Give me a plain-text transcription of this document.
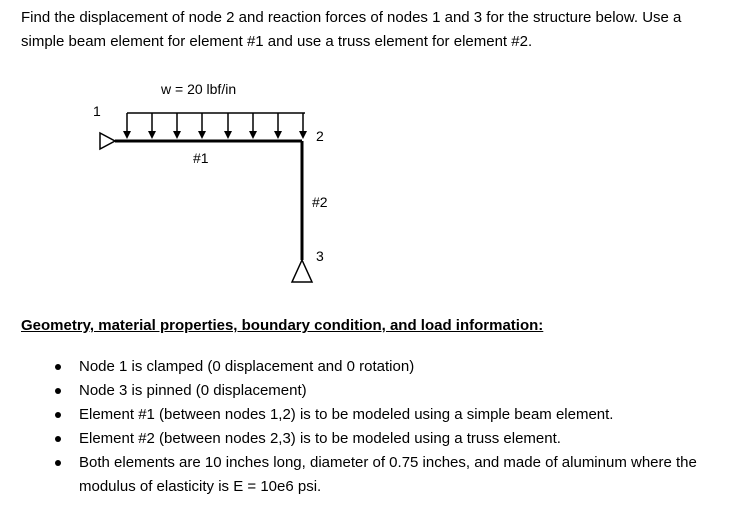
Find the displacement of node 2 and reaction forces of nodes 1 and 3 for the structure below. Use a simple beam element for element #1 and use a truss element for element #2.

w = 20 lbf/in
1
#1
#2
2
3
Geometry, material properties, boundary condition, and load information:
Node 1 is clamped (0 displacement and 0 rotation)
Node 3 is pinned (0 displacement)
Element #1 (between nodes 1,2) is to be modeled using a simple beam element.
Element #2 (between nodes 2,3) is to be modeled using a truss element.
Both elements are 10 inches long, diameter of 0.75 inches, and made of aluminum where the modulus of elasticity is E = 10e6 psi.
